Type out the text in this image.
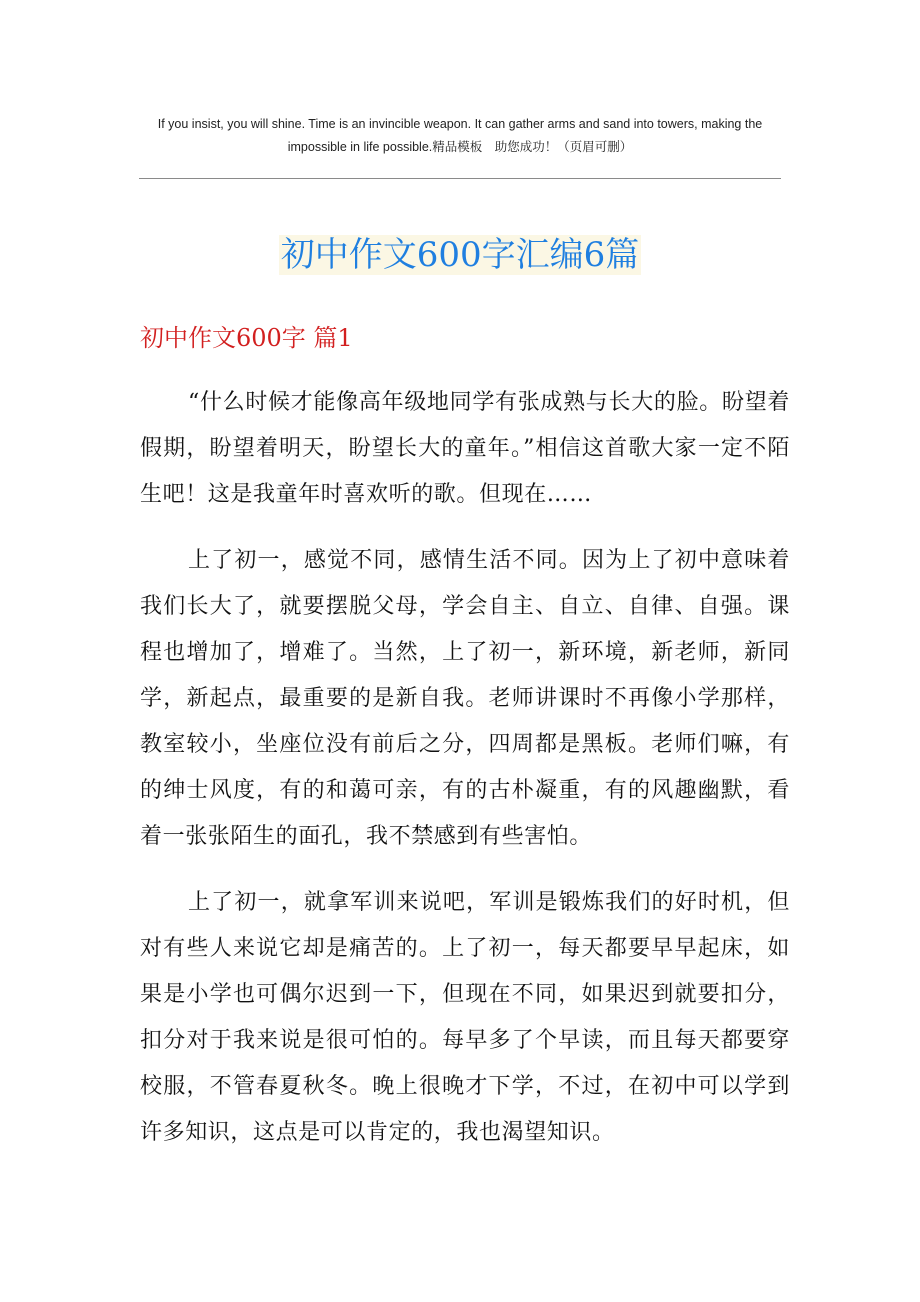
If you insist, you will shine. Time is an invincible weapon. It can gather arms and sand into towers, making the impossible in life possible.精品模板　助您成功！（页眉可删）
初中作文600字汇编6篇
初中作文600字 篇1

“什么时候才能像高年级地同学有张成熟与长大的脸。盼望着假期，盼望着明天，盼望长大的童年。”相信这首歌大家一定不陌生吧！这是我童年时喜欢听的歌。但现在……

上了初一，感觉不同，感情生活不同。因为上了初中意味着我们长大了，就要摆脱父母，学会自主、自立、自律、自强。课程也增加了，增难了。当然，上了初一，新环境，新老师，新同学，新起点，最重要的是新自我。老师讲课时不再像小学那样，教室较小，坐座位没有前后之分，四周都是黑板。老师们嘛，有的绅士风度，有的和蔼可亲，有的古朴凝重，有的风趣幽默，看着一张张陌生的面孔，我不禁感到有些害怕。

上了初一，就拿军训来说吧，军训是锻炼我们的好时机，但对有些人来说它却是痛苦的。上了初一，每天都要早早起床，如果是小学也可偶尔迟到一下，但现在不同，如果迟到就要扣分，扣分对于我来说是很可怕的。每早多了个早读，而且每天都要穿校服，不管春夏秋冬。晚上很晚才下学，不过，在初中可以学到许多知识，这点是可以肯定的，我也渴望知识。
